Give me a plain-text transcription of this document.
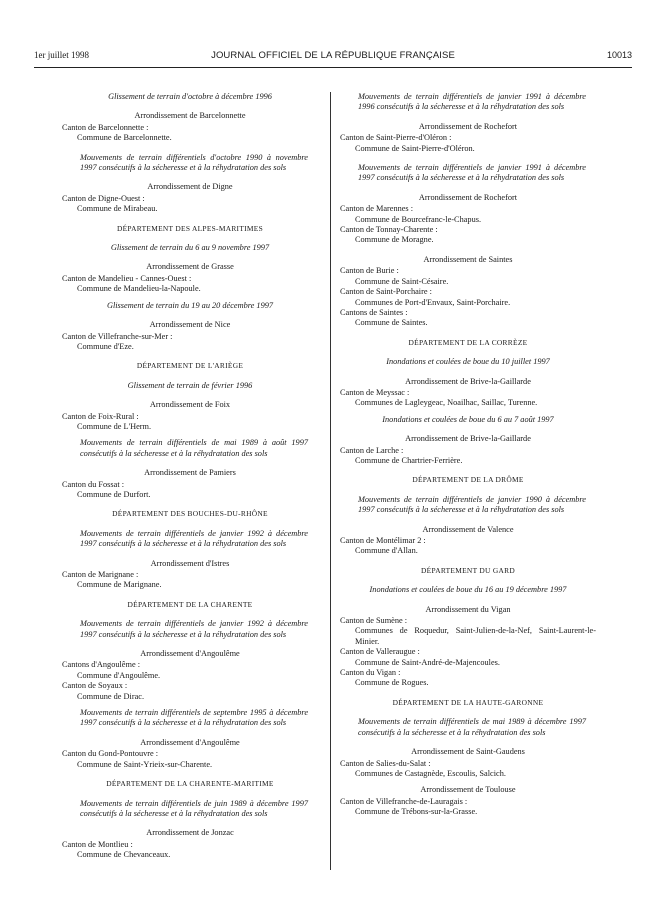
1er juillet 1998	JOURNAL OFFICIEL DE LA RÉPUBLIQUE FRANÇAISE	10013
Glissement de terrain d'octobre à décembre 1996
Arrondissement de Barcelonnette
Canton de Barcelonnette :
Commune de Barcelonnette.
Mouvements de terrain différentiels d'octobre 1990 à novembre 1997 consécutifs à la sécheresse et à la réhydratation des sols
Arrondissement de Digne
Canton de Digne-Ouest :
Commune de Mirabeau.
DÉPARTEMENT DES ALPES-MARITIMES
Glissement de terrain du 6 au 9 novembre 1997
Arrondissement de Grasse
Canton de Mandelieu - Cannes-Ouest :
Commune de Mandelieu-la-Napoule.
Glissement de terrain du 19 au 20 décembre 1997
Arrondissement de Nice
Canton de Villefranche-sur-Mer :
Commune d'Eze.
DÉPARTEMENT DE L'ARIÈGE
Glissement de terrain de février 1996
Arrondissement de Foix
Canton de Foix-Rural :
Commune de L'Herm.
Mouvements de terrain différentiels de mai 1989 à août 1997 consécutifs à la sécheresse et à la réhydratation des sols
Arrondissement de Pamiers
Canton du Fossat :
Commune de Durfort.
DÉPARTEMENT DES BOUCHES-DU-RHÔNE
Mouvements de terrain différentiels de janvier 1992 à décembre 1997 consécutifs à la sécheresse et à la réhydratation des sols
Arrondissement d'Istres
Canton de Marignane :
Commune de Marignane.
DÉPARTEMENT DE LA CHARENTE
Mouvements de terrain différentiels de janvier 1992 à décembre 1997 consécutifs à la sécheresse et à la réhydratation des sols
Arrondissement d'Angoulême
Cantons d'Angoulême :
Commune d'Angoulême.
Canton de Soyaux :
Commune de Dirac.
Mouvements de terrain différentiels de septembre 1995 à décembre 1997 consécutifs à la sécheresse et à la réhydratation des sols
Arrondissement d'Angoulême
Canton du Gond-Pontouvre :
Commune de Saint-Yrieix-sur-Charente.
DÉPARTEMENT DE LA CHARENTE-MARITIME
Mouvements de terrain différentiels de juin 1989 à décembre 1997 consécutifs à la sécheresse et à la réhydratation des sols
Arrondissement de Jonzac
Canton de Montlieu :
Commune de Chevanceaux.
Mouvements de terrain différentiels de janvier 1991 à décembre 1996 consécutifs à la sécheresse et à la réhydratation des sols
Arrondissement de Rochefort
Canton de Saint-Pierre-d'Oléron :
Commune de Saint-Pierre-d'Oléron.
Mouvements de terrain différentiels de janvier 1991 à décembre 1997 consécutifs à la sécheresse et à la réhydratation des sols
Arrondissement de Rochefort
Canton de Marennes :
Commune de Bourcefranc-le-Chapus.
Canton de Tonnay-Charente :
Commune de Moragne.
Arrondissement de Saintes
Canton de Burie :
Commune de Saint-Césaire.
Canton de Saint-Porchaire :
Communes de Port-d'Envaux, Saint-Porchaire.
Cantons de Saintes :
Commune de Saintes.
DÉPARTEMENT DE LA CORRÈZE
Inondations et coulées de boue du 10 juillet 1997
Arrondissement de Brive-la-Gaillarde
Canton de Meyssac :
Communes de Lagleygeac, Noailhac, Saillac, Turenne.
Inondations et coulées de boue du 6 au 7 août 1997
Arrondissement de Brive-la-Gaillarde
Canton de Larche :
Commune de Chartrier-Ferrière.
DÉPARTEMENT DE LA DRÔME
Mouvements de terrain différentiels de janvier 1990 à décembre 1997 consécutifs à la sécheresse et à la réhydratation des sols
Arrondissement de Valence
Canton de Montélimar 2 :
Commune d'Allan.
DÉPARTEMENT DU GARD
Inondations et coulées de boue du 16 au 19 décembre 1997
Arrondissement du Vigan
Canton de Sumène :
Communes de Roquedur, Saint-Julien-de-la-Nef, Saint-Laurent-le-Minier.
Canton de Valleraugue :
Commune de Saint-André-de-Majencoules.
Canton du Vigan :
Commune de Rogues.
DÉPARTEMENT DE LA HAUTE-GARONNE
Mouvements de terrain différentiels de mai 1989 à décembre 1997 consécutifs à la sécheresse et à la réhydratation des sols
Arrondissement de Saint-Gaudens
Canton de Salies-du-Salat :
Communes de Castagnède, Escoulis, Salcich.
Arrondissement de Toulouse
Canton de Villefranche-de-Lauragais :
Commune de Trébons-sur-la-Grasse.
